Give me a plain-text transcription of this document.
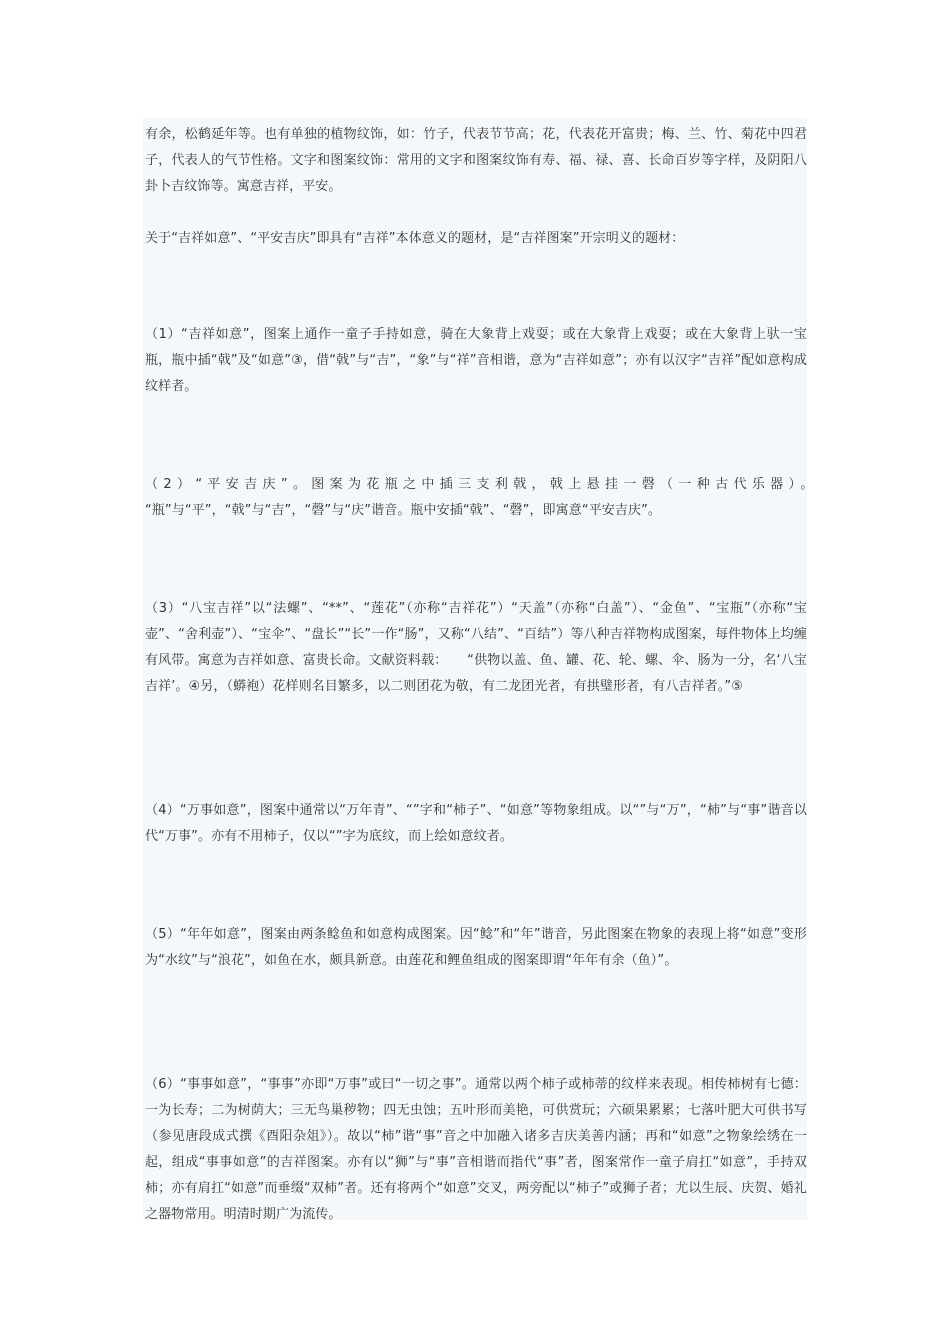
有余，松鹤延年等。也有单独的植物纹饰，如：竹子，代表节节高；花，代表花开富贵；梅、兰、竹、菊花中四君子，代表人的气节性格。文字和图案纹饰：常用的文字和图案纹饰有寿、福、禄、喜、长命百岁等字样，及阴阳八卦卜吉纹饰等。寓意吉祥，平安。

关于“吉祥如意”、“平安吉庆”即具有“吉祥”本体意义的题材，是“吉祥图案”开宗明义的题材：

（1）“吉祥如意”，图案上通作一童子手持如意，骑在大象背上戏耍；或在大象背上戏耍；或在大象背上驮一宝瓶，瓶中插“戟”及“如意”③，借“戟”与“吉”，“象”与“祥”音相谐，意为“吉祥如意”；亦有以汉字“吉祥”配如意构成纹样者。

（2）“平安吉庆”。图案为花瓶之中插三支利戟，戟上悬挂一磬（一种古代乐器）。　　“瓶”与“平”，“戟”与“吉”，“磬”与“庆”谐音。瓶中安插“戟”、“磬”，即寓意“平安吉庆”。

（3）“八宝吉祥”以“法螺”、“**”、“莲花”（亦称“吉祥花”）“天盖”（亦称“白盖”）、“金鱼”、“宝瓶”（亦称“宝壶”、“舍利壶”）、“宝伞”、“盘长”“长”一作“肠”，又称“八结”、“百结”）等八种吉祥物构成图案，每件物体上均缠有风带。寓意为吉祥如意、富贵长命。文献资料载：　　“供物以盖、鱼、罐、花、轮、螺、伞、肠为一分，名‘八宝吉祥’。④另，（蟒袍）花样则名目繁多，以二则团花为敬，有二龙团光者，有拱璧形者，有八吉祥者。”⑤

（4）“万事如意”，图案中通常以“万年青”、“”字和“柿子”、“如意”等物象组成。以“”与“万”，“柿”与“事”谐音以代“万事”。亦有不用柿子，仅以“”字为底纹，而上绘如意纹者。

（5）“年年如意”，图案由两条鲶鱼和如意构成图案。因“鲶”和“年”谐音，另此图案在物象的表现上将“如意”变形为“水纹”与“浪花”，如鱼在水，颇具新意。由莲花和鲤鱼组成的图案即谓“年年有余（鱼）”。

（6）“事事如意”，“事事”亦即“万事”或曰“一切之事”。通常以两个柿子或柿蒂的纹样来表现。相传柿树有七德：一为长寿；二为树荫大；三无鸟巢秽物；四无虫蚀；五叶形而美艳，可供赏玩；六硕果累累；七落叶肥大可供书写（参见唐段成式撰《酉阳杂俎》）。故以“柿”谐“事”音之中加融入诸多吉庆美善内涵；再和“如意”之物象绘绣在一起，组成“事事如意”的吉祥图案。亦有以“狮”与“事”音相谐而指代“事”者，图案常作一童子肩扛“如意”，手持双柿；亦有肩扛“如意”而垂缀“双柿”者。还有将两个“如意”交叉，两旁配以“柿子”或狮子者；尤以生辰、庆贺、婚礼之器物常用。明清时期广为流传。
